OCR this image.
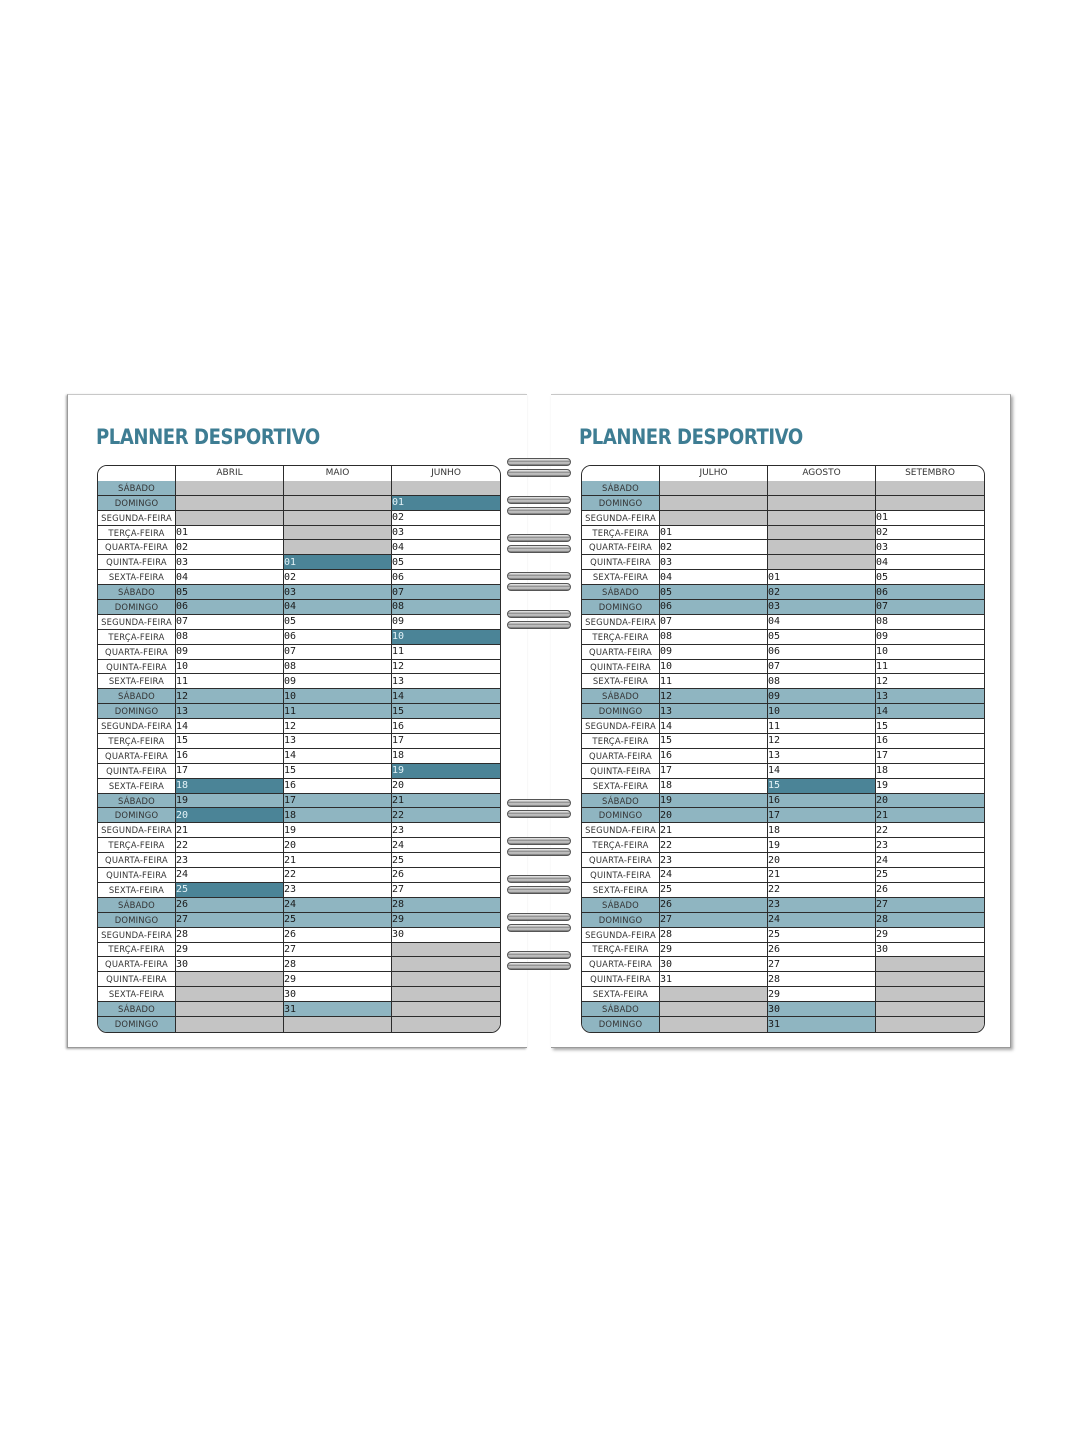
PLANNER DESPORTIVO
	ABRIL	MAIO	JUNHO
SÁBADO			
DOMINGO			01
SEGUNDA-FEIRA			02
TERÇA-FEIRA	01		03
QUARTA-FEIRA	02		04
QUINTA-FEIRA	03	01	05
SEXTA-FEIRA	04	02	06
SÁBADO	05	03	07
DOMINGO	06	04	08
SEGUNDA-FEIRA	07	05	09
TERÇA-FEIRA	08	06	10
QUARTA-FEIRA	09	07	11
QUINTA-FEIRA	10	08	12
SEXTA-FEIRA	11	09	13
SÁBADO	12	10	14
DOMINGO	13	11	15
SEGUNDA-FEIRA	14	12	16
TERÇA-FEIRA	15	13	17
QUARTA-FEIRA	16	14	18
QUINTA-FEIRA	17	15	19
SEXTA-FEIRA	18	16	20
SÁBADO	19	17	21
DOMINGO	20	18	22
SEGUNDA-FEIRA	21	19	23
TERÇA-FEIRA	22	20	24
QUARTA-FEIRA	23	21	25
QUINTA-FEIRA	24	22	26
SEXTA-FEIRA	25	23	27
SÁBADO	26	24	28
DOMINGO	27	25	29
SEGUNDA-FEIRA	28	26	30
TERÇA-FEIRA	29	27	
QUARTA-FEIRA	30	28	
QUINTA-FEIRA		29	
SEXTA-FEIRA		30	
SÁBADO		31	
DOMINGO			
PLANNER DESPORTIVO
	JULHO	AGOSTO	SETEMBRO
SÁBADO			
DOMINGO			
SEGUNDA-FEIRA			01
TERÇA-FEIRA	01		02
QUARTA-FEIRA	02		03
QUINTA-FEIRA	03		04
SEXTA-FEIRA	04	01	05
SÁBADO	05	02	06
DOMINGO	06	03	07
SEGUNDA-FEIRA	07	04	08
TERÇA-FEIRA	08	05	09
QUARTA-FEIRA	09	06	10
QUINTA-FEIRA	10	07	11
SEXTA-FEIRA	11	08	12
SÁBADO	12	09	13
DOMINGO	13	10	14
SEGUNDA-FEIRA	14	11	15
TERÇA-FEIRA	15	12	16
QUARTA-FEIRA	16	13	17
QUINTA-FEIRA	17	14	18
SEXTA-FEIRA	18	15	19
SÁBADO	19	16	20
DOMINGO	20	17	21
SEGUNDA-FEIRA	21	18	22
TERÇA-FEIRA	22	19	23
QUARTA-FEIRA	23	20	24
QUINTA-FEIRA	24	21	25
SEXTA-FEIRA	25	22	26
SÁBADO	26	23	27
DOMINGO	27	24	28
SEGUNDA-FEIRA	28	25	29
TERÇA-FEIRA	29	26	30
QUARTA-FEIRA	30	27	
QUINTA-FEIRA	31	28	
SEXTA-FEIRA		29	
SÁBADO		30	
DOMINGO		31	
